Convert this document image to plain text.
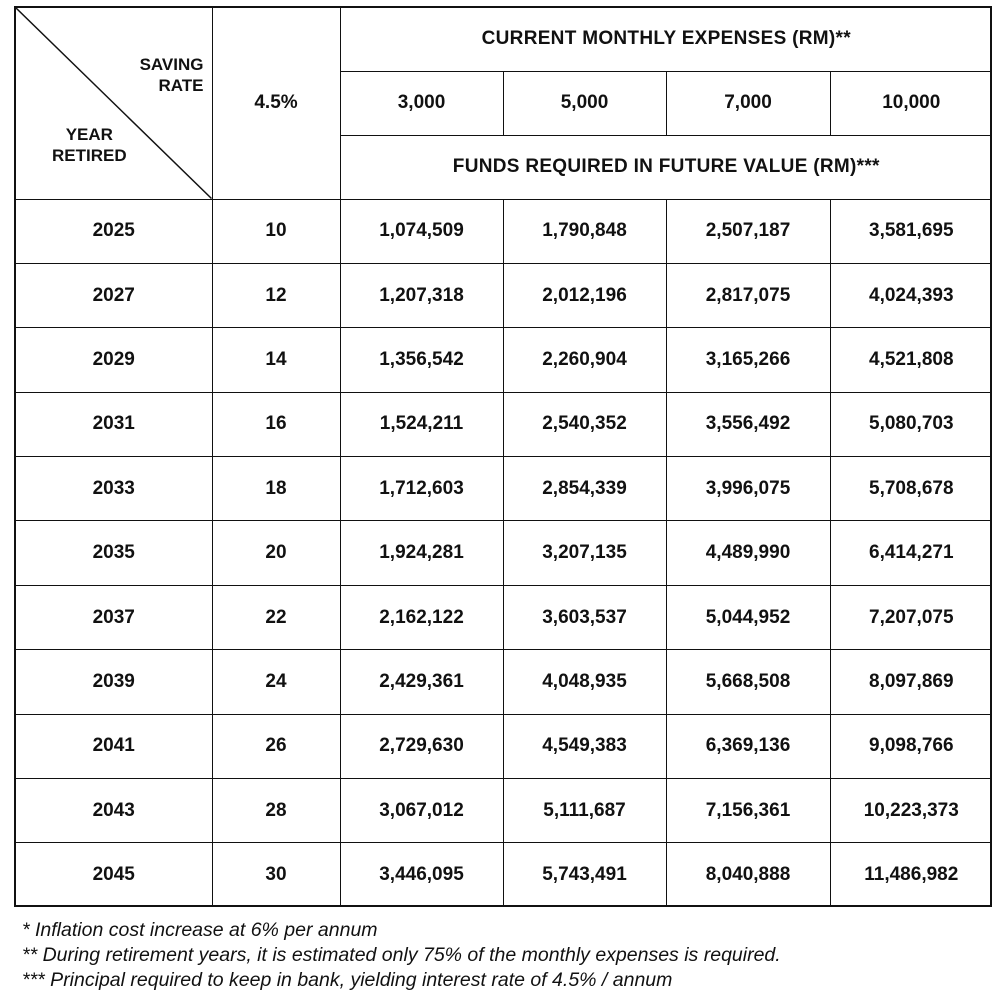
SAVING
RATE
YEAR
RETIRED	4.5%	CURRENT MONTHLY EXPENSES (RM)**			
		3,000	5,000	7,000	10,000
		FUNDS REQUIRED IN FUTURE VALUE (RM)***			
2025	10	1,074,509	1,790,848	2,507,187	3,581,695
2027	12	1,207,318	2,012,196	2,817,075	4,024,393
2029	14	1,356,542	2,260,904	3,165,266	4,521,808
2031	16	1,524,211	2,540,352	3,556,492	5,080,703
2033	18	1,712,603	2,854,339	3,996,075	5,708,678
2035	20	1,924,281	3,207,135	4,489,990	6,414,271
2037	22	2,162,122	3,603,537	5,044,952	7,207,075
2039	24	2,429,361	4,048,935	5,668,508	8,097,869
2041	26	2,729,630	4,549,383	6,369,136	9,098,766
2043	28	3,067,012	5,111,687	7,156,361	10,223,373
2045	30	3,446,095	5,743,491	8,040,888	11,486,982
* Inflation cost increase at 6% per annum
** During retirement years, it is estimated only 75% of the monthly expenses is required.
*** Principal required to keep in bank, yielding interest rate of 4.5% / annum
